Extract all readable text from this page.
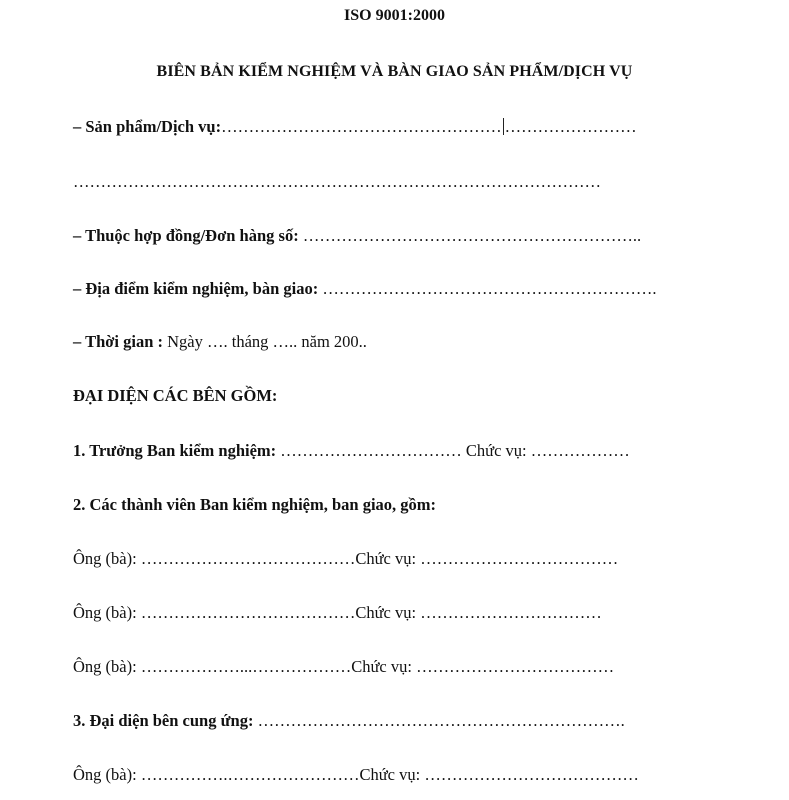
ISO 9001:2000
BIÊN BẢN KIỂM NGHIỆM VÀ BÀN GIAO SẢN PHẨM/DỊCH VỤ
– Sản phẩm/Dịch vụ:…………………………………………… ……………………
……………………………………………………………………………………
– Thuộc hợp đồng/Đơn hàng số: ……………………………………………………..
– Địa điểm kiểm nghiệm, bàn giao: …………………………………………………….
– Thời gian : Ngày …. tháng ….. năm 200..
ĐẠI DIỆN CÁC BÊN GỒM:
1. Trưởng Ban kiểm nghiệm: …………………………… Chức vụ: ………………
2. Các thành viên Ban kiểm nghiệm, ban giao, gồm:
Ông (bà): …………………………………Chức vụ: ………………………………
Ông (bà): …………………………………Chức vụ: ……………………………
Ông (bà): ………………...………………Chức vụ: ………………………………
3. Đại diện bên cung ứng: ………………………………………………………….
Ông (bà): …………….……………………Chức vụ: …………………………………
